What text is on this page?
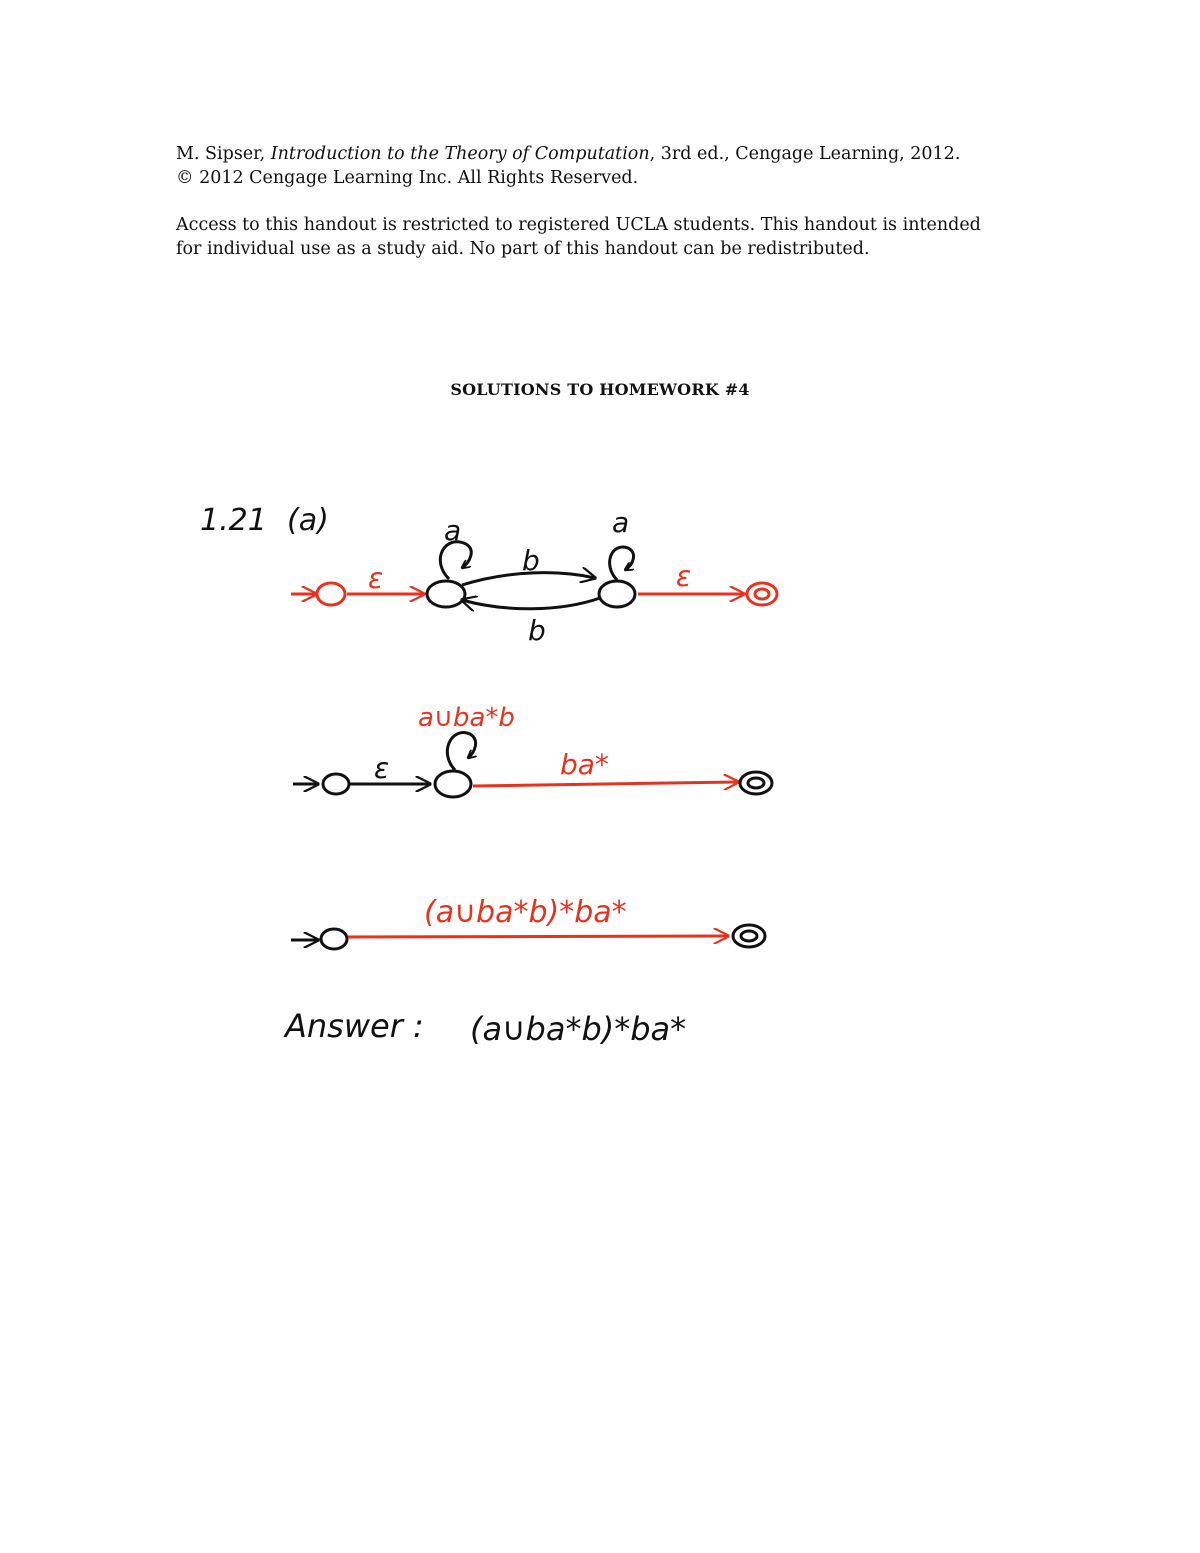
M. Sipser, Introduction to the Theory of Computation, 3rd ed., Cengage Learning, 2012.
© 2012 Cengage Learning Inc. All Rights Reserved.
Access to this handout is restricted to registered UCLA students. This handout is intended
for individual use as a study aid. No part of this handout can be redistributed.
SOLUTIONS TO HOMEWORK #4
1.21 (a)
ε
a
b
b
a
ε
ε
a∪ba*b
ba*
(a∪ba*b)*ba*
Answer : (a∪ba*b)*ba*
